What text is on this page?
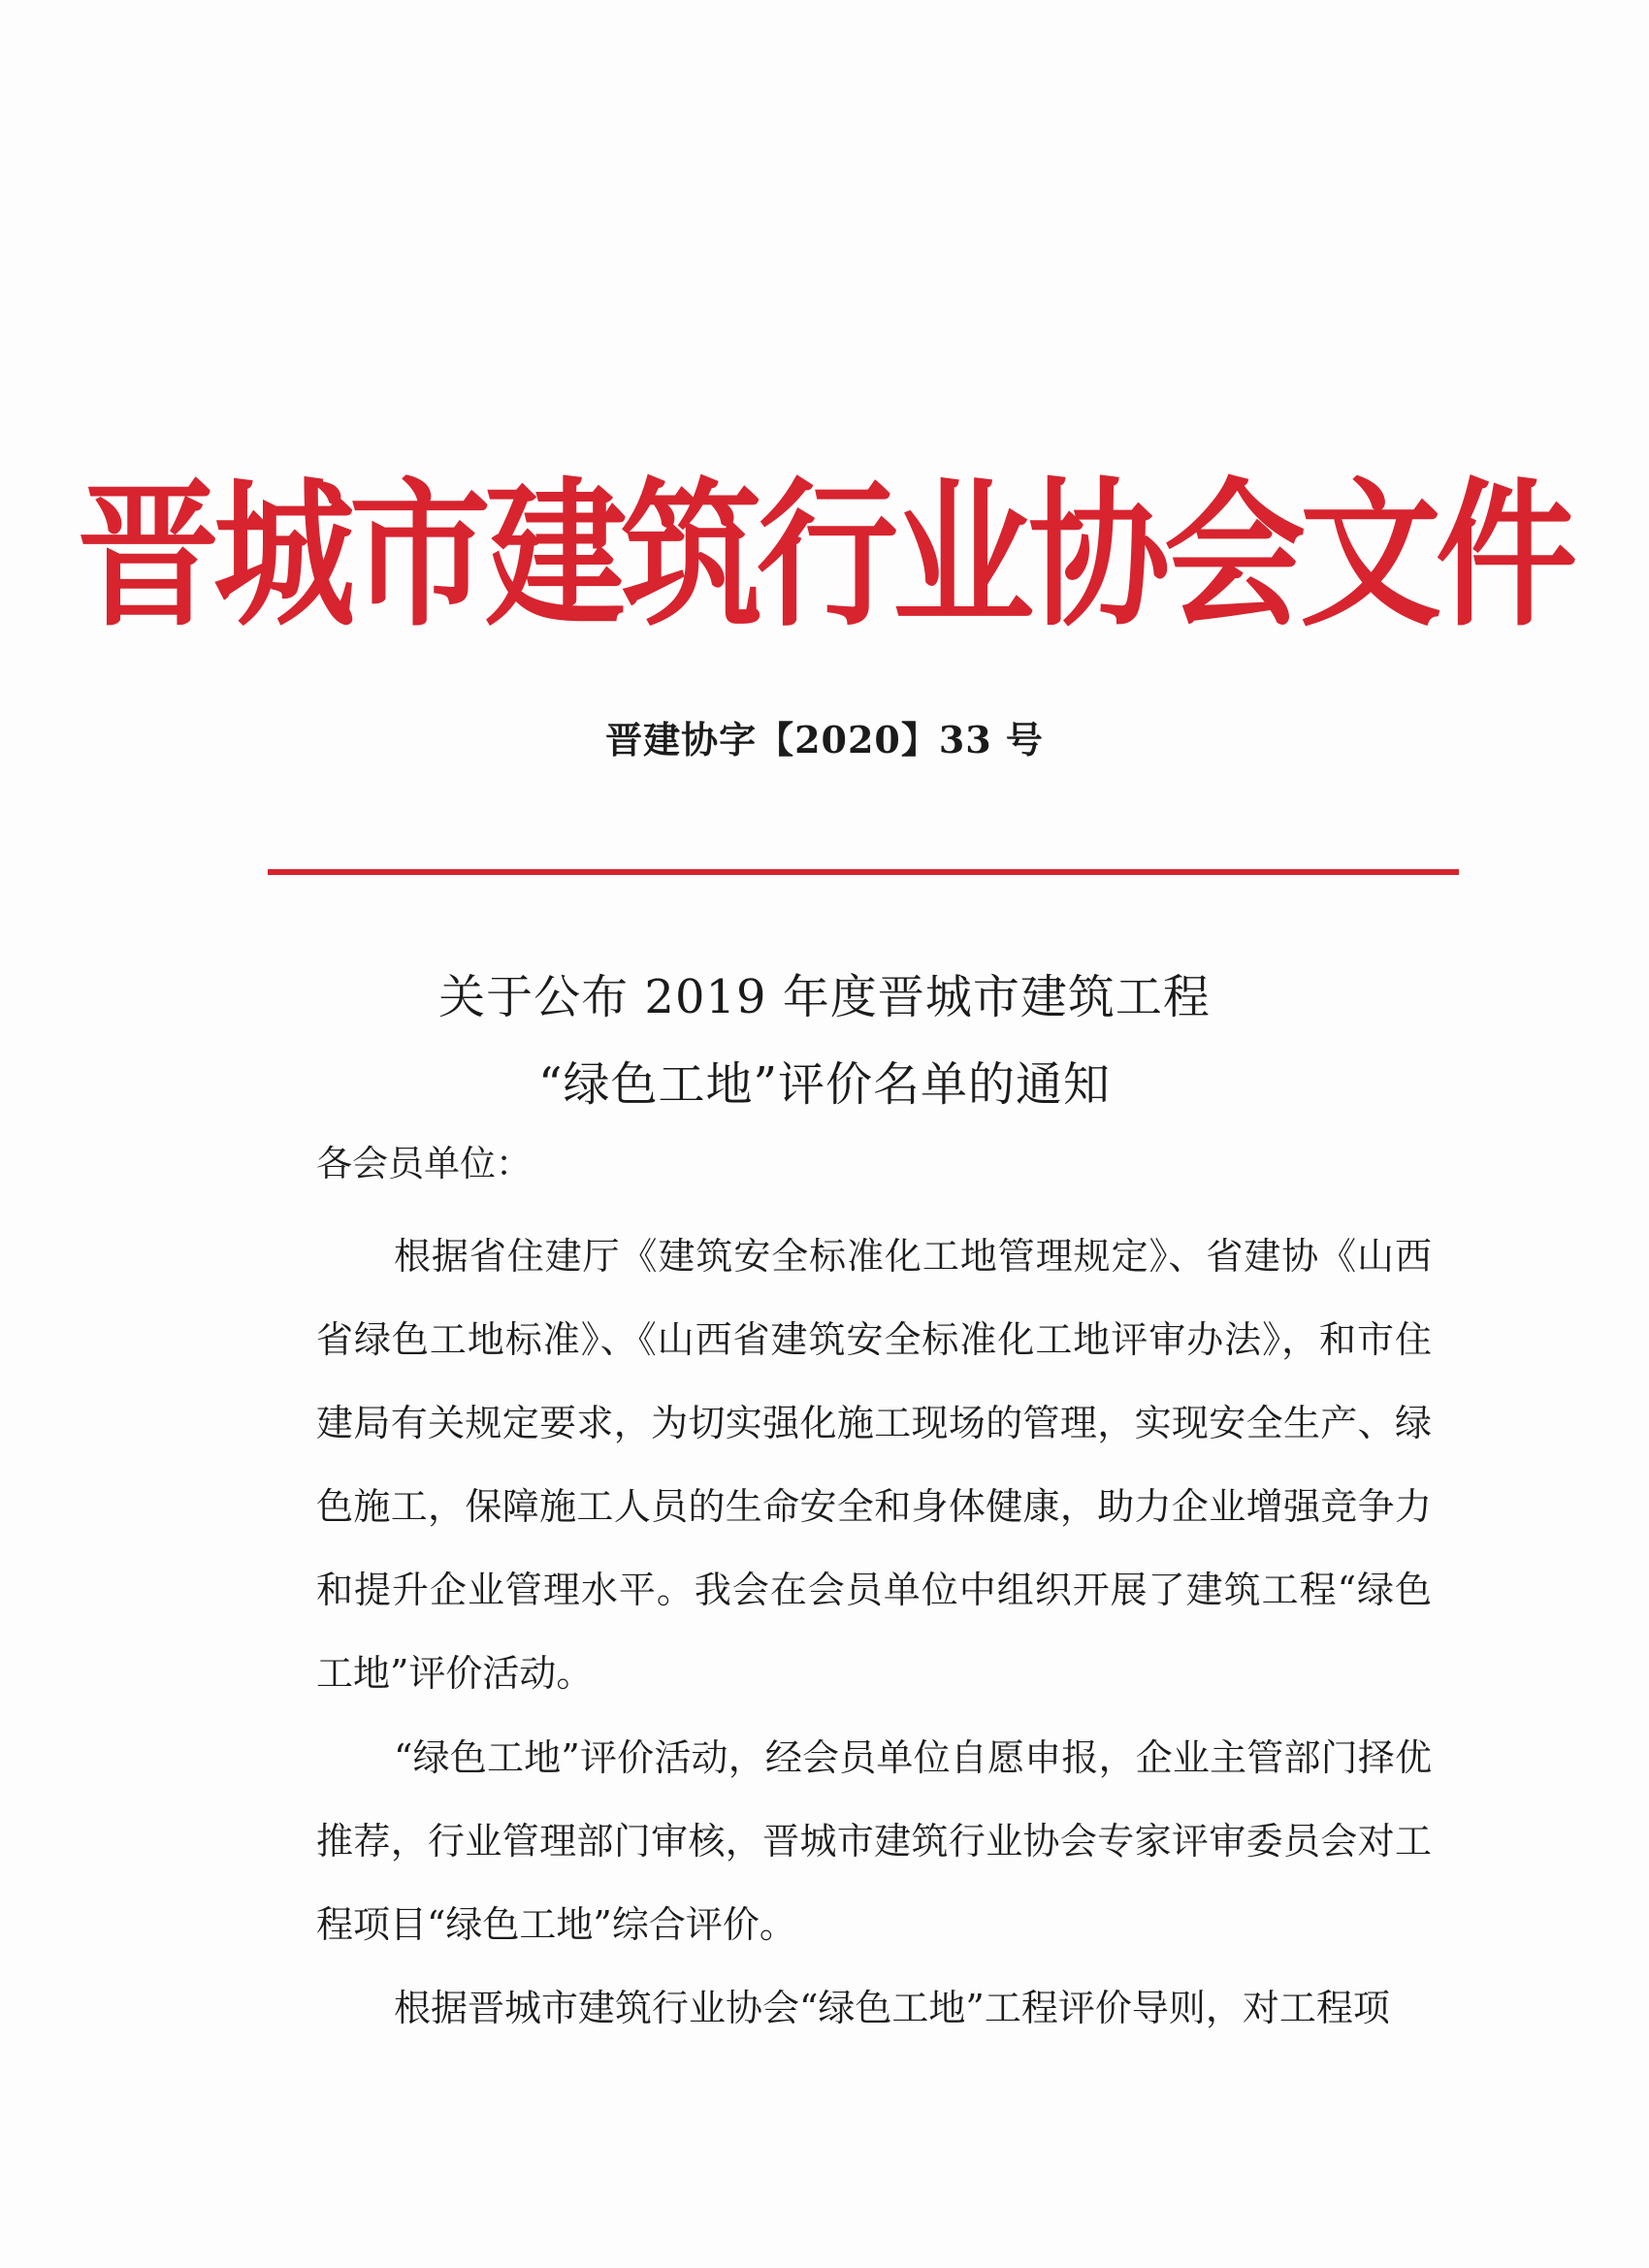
晋城市建筑行业协会文件
晋建协字【2020】33 号
关于公布 2019 年度晋城市建筑工程
“绿色工地”评价名单的通知
各会员单位：

根据省住建厅《建筑安全标准化工地管理规定》、省建协《山西省绿色工地标准》、《山西省建筑安全标准化工地评审办法》，和市住建局有关规定要求，为切实强化施工现场的管理，实现安全生产、绿色施工，保障施工人员的生命安全和身体健康，助力企业增强竞争力和提升企业管理水平。我会在会员单位中组织开展了建筑工程“绿色工地”评价活动。

“绿色工地”评价活动，经会员单位自愿申报，企业主管部门择优推荐，行业管理部门审核，晋城市建筑行业协会专家评审委员会对工程项目“绿色工地”综合评价。

根据晋城市建筑行业协会“绿色工地”工程评价导则，对工程项
